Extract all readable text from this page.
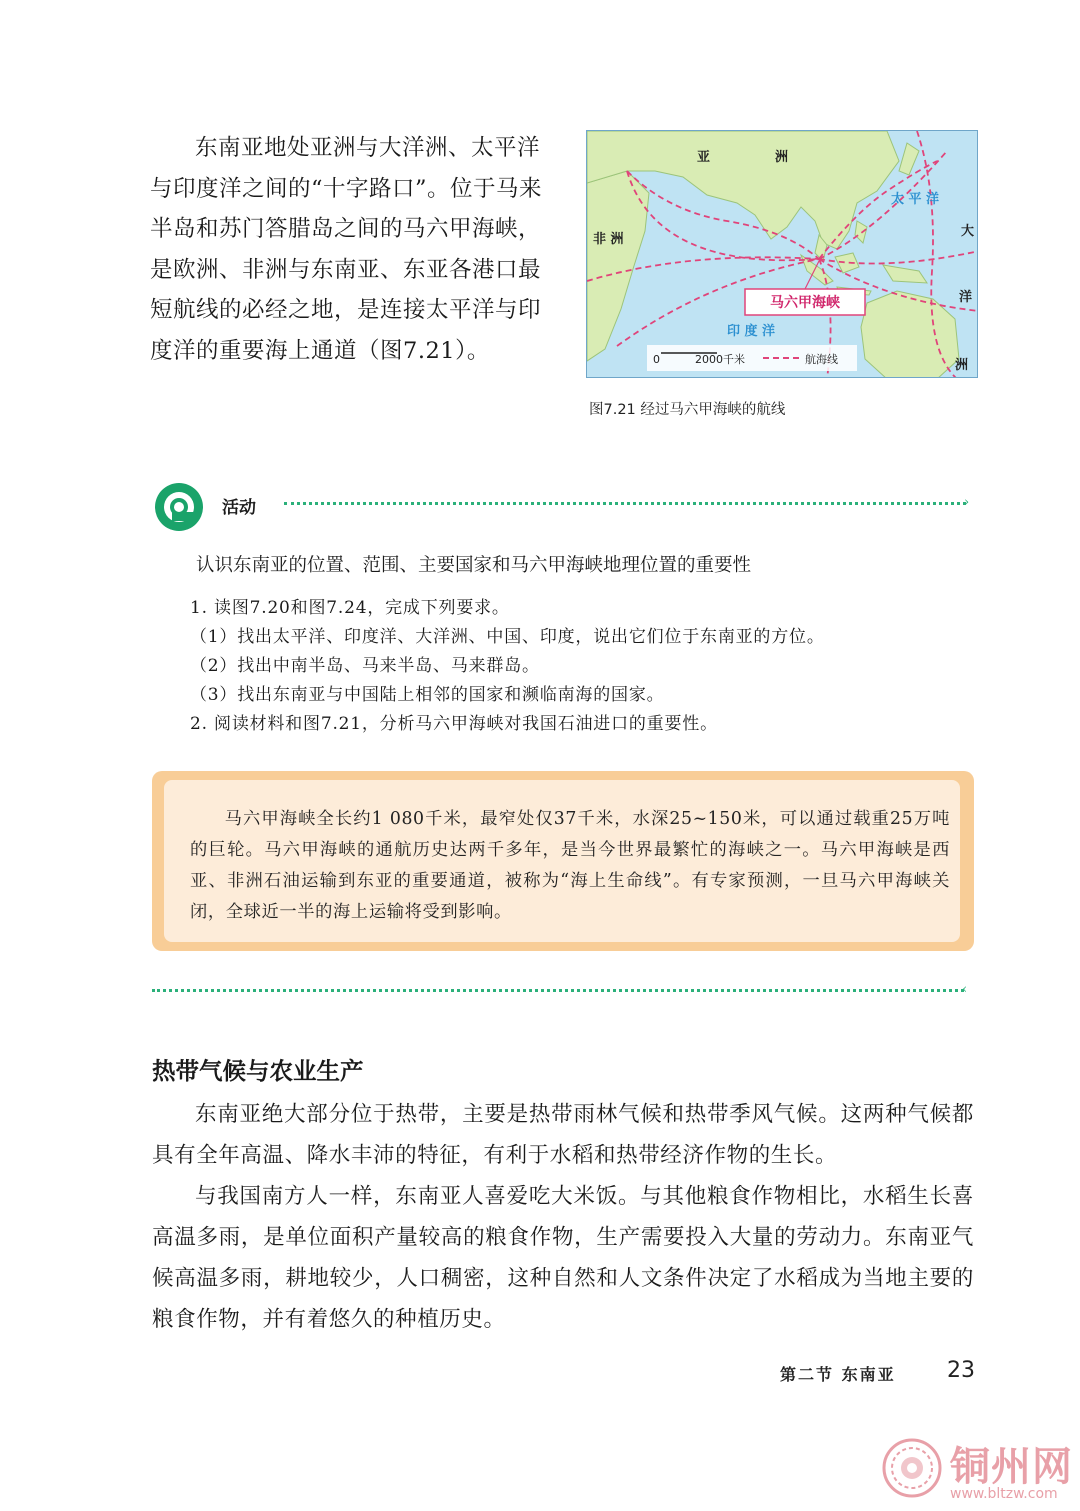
东南亚地处亚洲与大洋洲、太平洋与印度洋之间的“十字路口”。位于马来半岛和苏门答腊岛之间的马六甲海峡，是欧洲、非洲与东南亚、东亚各港口最短航线的必经之地，是连接太平洋与印度洋的重要海上通道（图7.21）。

亚	洲
非 洲
太 平 洋
大
洋
洲
印 度 洋
马六甲海峡
0	2000千米	航海线
图7.21 经过马六甲海峡的航线
活动	›
认识东南亚的位置、范围、主要国家和马六甲海峡地理位置的重要性
1. 读图7.20和图7.24，完成下列要求。
（1）找出太平洋、印度洋、大洋洲、中国、印度，说出它们位于东南亚的方位。
（2）找出中南半岛、马来半岛、马来群岛。
（3）找出东南亚与中国陆上相邻的国家和濒临南海的国家。
2. 阅读材料和图7.21，分析马六甲海峡对我国石油进口的重要性。

马六甲海峡全长约1 080千米，最窄处仅37千米，水深25~150米，可以通过载重25万吨的巨轮。马六甲海峡的通航历史达两千多年，是当今世界最繁忙的海峡之一。马六甲海峡是西亚、非洲石油运输到东亚的重要通道，被称为“海上生命线”。有专家预测，一旦马六甲海峡关闭，全球近一半的海上运输将受到影响。

‹
热带气候与农业生产

东南亚绝大部分位于热带，主要是热带雨林气候和热带季风气候。这两种气候都具有全年高温、降水丰沛的特征，有利于水稻和热带经济作物的生长。

与我国南方人一样，东南亚人喜爱吃大米饭。与其他粮食作物相比，水稻生长喜高温多雨，是单位面积产量较高的粮食作物，生产需要投入大量的劳动力。东南亚气候高温多雨，耕地较少，人口稠密，这种自然和人文条件决定了水稻成为当地主要的粮食作物，并有着悠久的种植历史。

第二节 东南亚 23
铜州网
www.bltzw.com
